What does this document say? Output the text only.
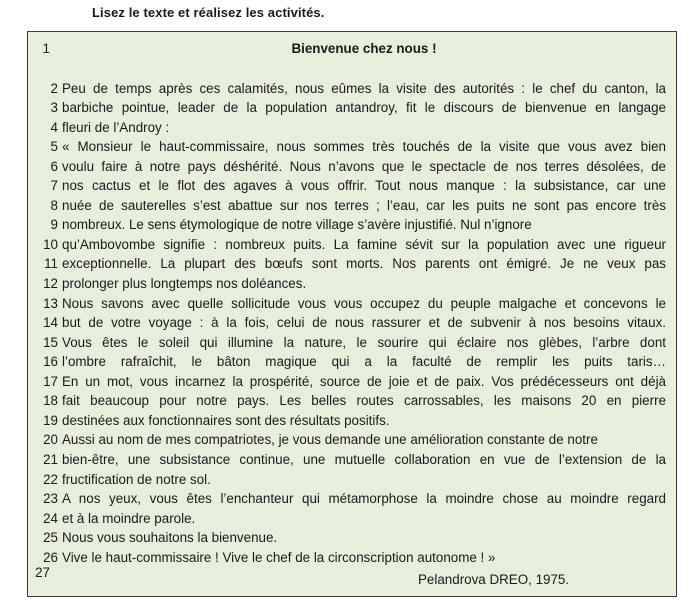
Lisez le texte et réalisez les activités.
1	Bienvenue chez nous !
2 Peu de temps après ces calamités, nous eûmes la visite des autorités : le chef du canton, la
3 barbiche pointue, leader de la population antandroy, fit le discours de bienvenue en langage
4 fleuri de l’Androy :
5 « Monsieur le haut-commissaire, nous sommes très touchés de la visite que vous avez bien
6 voulu faire à notre pays déshérité. Nous n’avons que le spectacle de nos terres désolées, de
7 nos cactus et le flot des agaves à vous offrir. Tout nous manque : la subsistance, car une
8 nuée de sauterelles s’est abattue sur nos terres ; l’eau, car les puits ne sont pas encore très
9 nombreux. Le sens étymologique de notre village s’avère injustifié. Nul n’ignore
10 qu’Ambovombe signifie : nombreux puits. La famine sévit sur la population avec une rigueur
11 exceptionnelle. La plupart des bœufs sont morts. Nos parents ont émigré. Je ne veux pas
12 prolonger plus longtemps nos doléances.
13 Nous savons avec quelle sollicitude vous vous occupez du peuple malgache et concevons le
14 but de votre voyage : à la fois, celui de nous rassurer et de subvenir à nos besoins vitaux.
15 Vous êtes le soleil qui illumine la nature, le sourire qui éclaire nos glèbes, l’arbre dont
16 l’ombre rafraîchit, le bâton magique qui a la faculté de remplir les puits taris…
17 En un mot, vous incarnez la prospérité, source de joie et de paix. Vos prédécesseurs ont déjà
18 fait beaucoup pour notre pays. Les belles routes carrossables, les maisons 20 en pierre
19 destinées aux fonctionnaires sont des résultats positifs.
20 Aussi au nom de mes compatriotes, je vous demande une amélioration constante de notre
21 bien-être, une subsistance continue, une mutuelle collaboration en vue de l’extension de la
22 fructification de notre sol.
23 A nos yeux, vous êtes l’enchanteur qui métamorphose la moindre chose au moindre regard
24 et à la moindre parole.
25 Nous vous souhaitons la bienvenue.
26 Vive le haut-commissaire ! Vive le chef de la circonscription autonome ! »
27	Pelandrova DREO, 1975.
